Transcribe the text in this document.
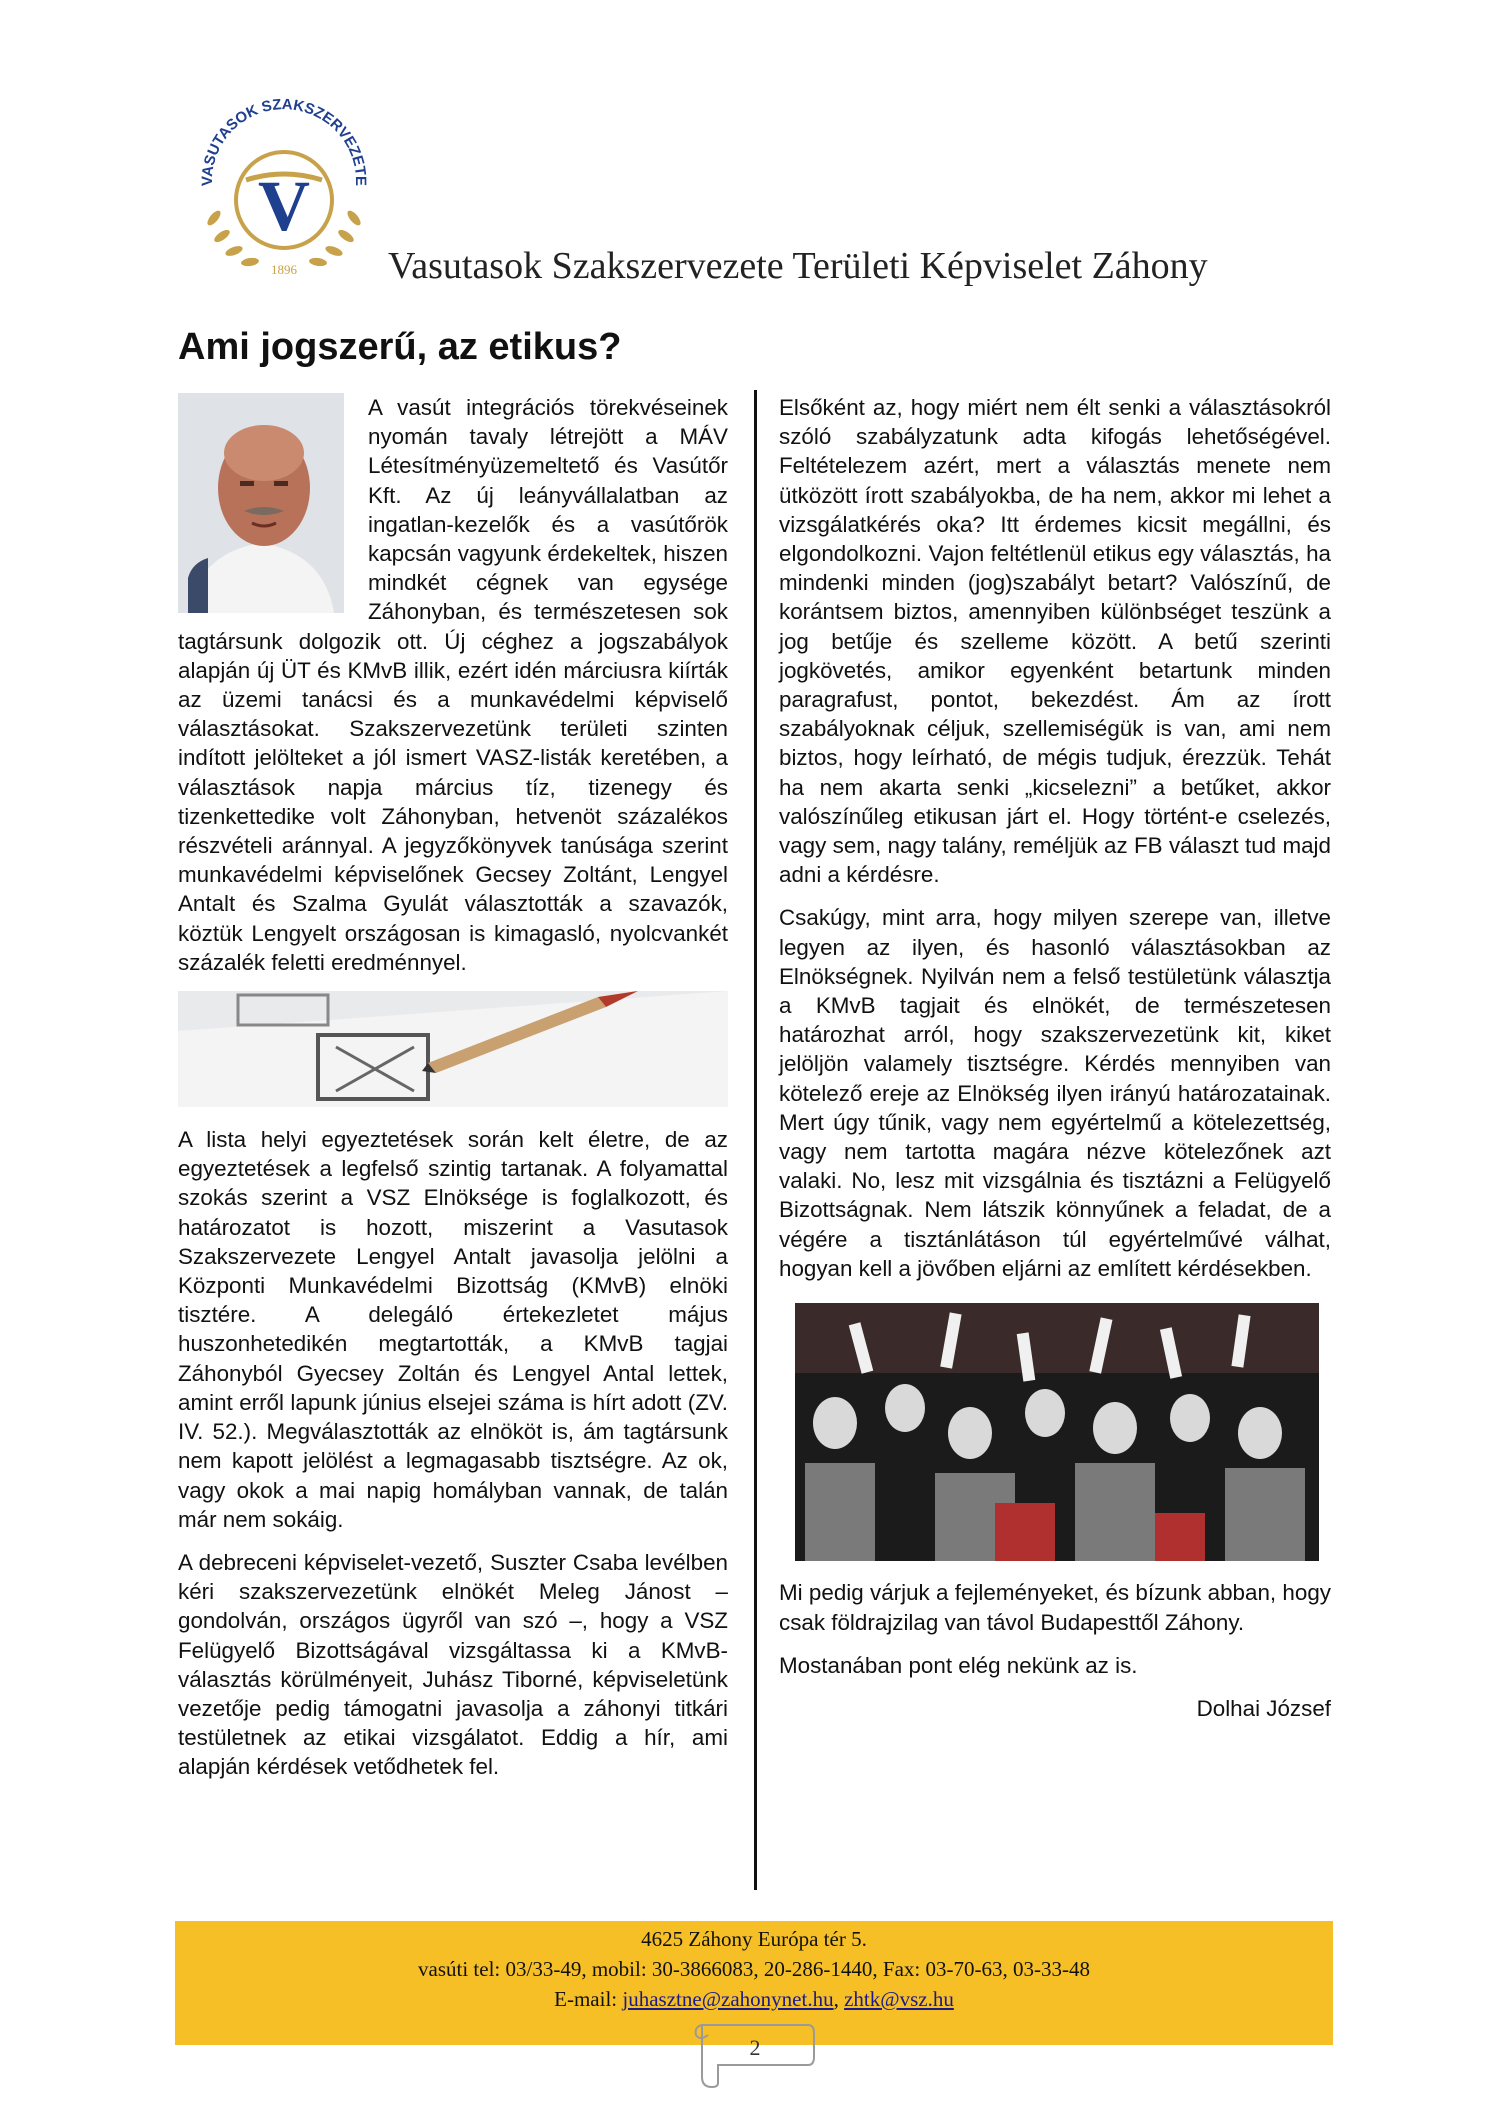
VASUTASOK SZAKSZERVEZETE
V
1896 Vasutasok Szakszervezete Területi Képviselet Záhony
Ami jogszerű, az etikus?

A vasút integrációs törekvéseinek nyomán tavaly létrejött a MÁV Létesítményüzemeltető és Vasútőr Kft. Az új leányvállalatban az ingatlan-kezelők és a vasútőrök kapcsán vagyunk érdekeltek, hiszen mindkét cégnek van egysége Záhonyban, és természetesen sok tagtársunk dolgozik ott. Új céghez a jogszabályok alapján új ÜT és KMvB illik, ezért idén márciusra kiírták az üzemi tanácsi és a munkavédelmi képviselő választásokat. Szakszervezetünk területi szinten indított jelölteket a jól ismert VASZ-listák keretében, a választások napja március tíz, tizenegy és tizenkettedike volt Záhonyban, hetvenöt százalékos részvételi aránnyal. A jegyzőkönyvek tanúsága szerint munkavédelmi képviselőnek Gecsey Zoltánt, Lengyel Antalt és Szalma Gyulát választották a szavazók, köztük Lengyelt országosan is kimagasló, nyolcvankét százalék feletti eredménnyel.

A lista helyi egyeztetések során kelt életre, de az egyeztetések a legfelső szintig tartanak. A folyamattal szokás szerint a VSZ Elnöksége is foglalkozott, és határozatot is hozott, miszerint a Vasutasok Szakszervezete Lengyel Antalt javasolja jelölni a Központi Munkavédelmi Bizottság (KMvB) elnöki tisztére. A delegáló értekezletet május huszonhetedikén megtartották, a KMvB tagjai Záhonyból Gyecsey Zoltán és Lengyel Antal lettek, amint erről lapunk június elsejei száma is hírt adott (ZV. IV. 52.). Megválasztották az elnököt is, ám tagtársunk nem kapott jelölést a legmagasabb tisztségre. Az ok, vagy okok a mai napig homályban vannak, de talán már nem sokáig.

A debreceni képviselet-vezető, Suszter Csaba levélben kéri szakszervezetünk elnökét Meleg Jánost – gondolván, országos ügyről van szó –, hogy a VSZ Felügyelő Bizottságával vizsgáltassa ki a KMvB-választás körülményeit, Juhász Tiborné, képviseletünk vezetője pedig támogatni javasolja a záhonyi titkári testületnek az etikai vizsgálatot. Eddig a hír, ami alapján kérdések vetődhetek fel.

Elsőként az, hogy miért nem élt senki a választásokról szóló szabályzatunk adta kifogás lehetőségével. Feltételezem azért, mert a választás menete nem ütközött írott szabályokba, de ha nem, akkor mi lehet a vizsgálatkérés oka? Itt érdemes kicsit megállni, és elgondolkozni. Vajon feltétlenül etikus egy választás, ha mindenki minden (jog)szabályt betart? Valószínű, de korántsem biztos, amennyiben különbséget teszünk a jog betűje és szelleme között. A betű szerinti jogkövetés, amikor egyenként betartunk minden paragrafust, pontot, bekezdést. Ám az írott szabályoknak céljuk, szellemiségük is van, ami nem biztos, hogy leírható, de mégis tudjuk, érezzük. Tehát ha nem akarta senki „kicselezni” a betűket, akkor valószínűleg etikusan járt el. Hogy történt-e cselezés, vagy sem, nagy talány, reméljük az FB választ tud majd adni a kérdésre.

Csakúgy, mint arra, hogy milyen szerepe van, illetve legyen az ilyen, és hasonló választásokban az Elnökségnek. Nyilván nem a felső testületünk választja a KMvB tagjait és elnökét, de természetesen határozhat arról, hogy szakszervezetünk kit, kiket jelöljön valamely tisztségre. Kérdés mennyiben van kötelező ereje az Elnökség ilyen irányú határozatainak. Mert úgy tűnik, vagy nem egyértelmű a kötelezettség, vagy nem tartotta magára nézve kötelezőnek azt valaki. No, lesz mit vizsgálnia és tisztázni a Felügyelő Bizottságnak. Nem látszik könnyűnek a feladat, de a végére a tisztánlátáson túl egyértelművé válhat, hogyan kell a jövőben eljárni az említett kérdésekben.

Mi pedig várjuk a fejleményeket, és bízunk abban, hogy csak földrajzilag van távol Budapesttől Záhony.

Mostanában pont elég nekünk az is.

Dolhai József

4625 Záhony Európa tér 5.
vasúti tel: 03/33-49, mobil: 30-3866083, 20-286-1440, Fax: 03-70-63, 03-33-48
E-mail: juhasztne@zahonynet.hu, zhtk@vsz.hu
2
